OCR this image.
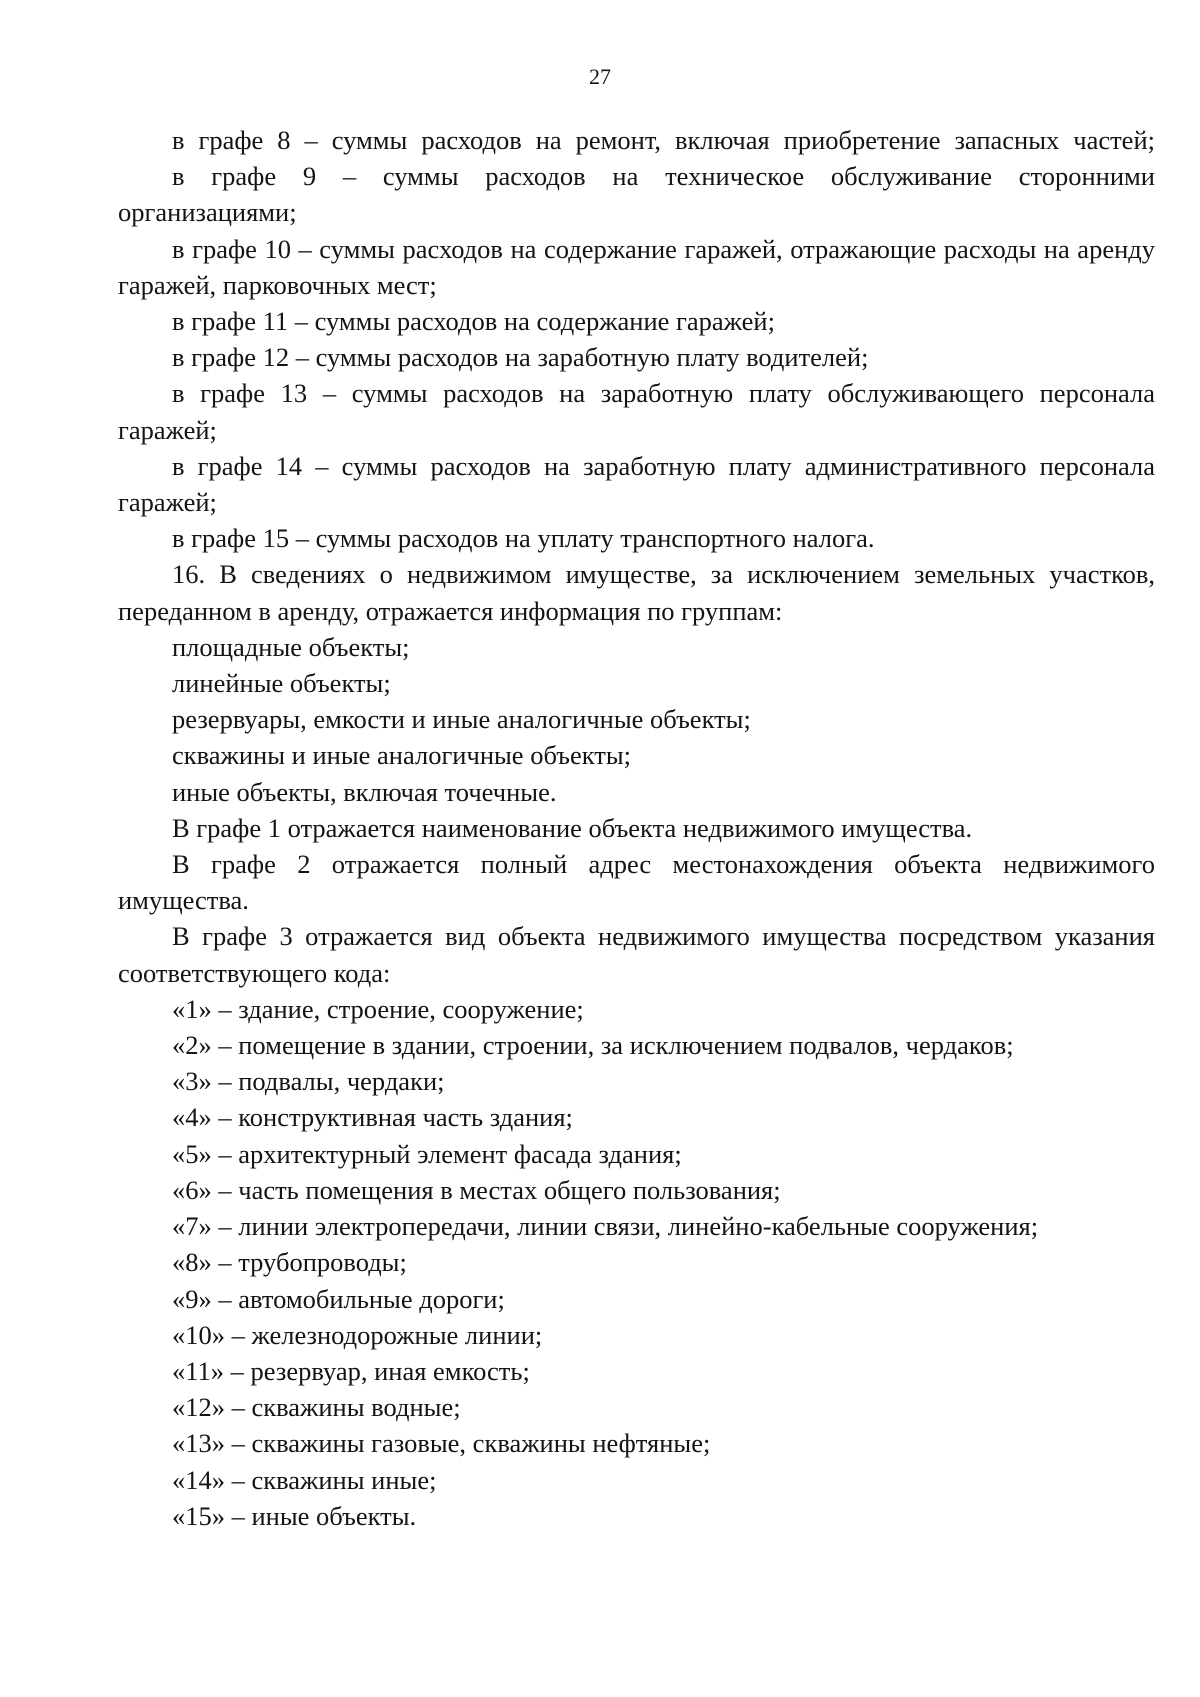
27

в графе 8 – суммы расходов на ремонт, включая приобретение запасных частей;

в графе 9 – суммы расходов на техническое обслуживание сторонними организациями;

в графе 10 – суммы расходов на содержание гаражей, отражающие расходы на аренду гаражей, парковочных мест;

в графе 11 – суммы расходов на содержание гаражей;

в графе 12 – суммы расходов на заработную плату водителей;

в графе 13 – суммы расходов на заработную плату обслуживающего персонала гаражей;

в графе 14 – суммы расходов на заработную плату административного персонала гаражей;

в графе 15 – суммы расходов на уплату транспортного налога.

16. В сведениях о недвижимом имуществе, за исключением земельных участков, переданном в аренду, отражается информация по группам:

площадные объекты;

линейные объекты;

резервуары, емкости и иные аналогичные объекты;

скважины и иные аналогичные объекты;

иные объекты, включая точечные.

В графе 1 отражается наименование объекта недвижимого имущества.

В графе 2 отражается полный адрес местонахождения объекта недвижимого имущества.

В графе 3 отражается вид объекта недвижимого имущества посредством указания соответствующего кода:

«1» – здание, строение, сооружение;

«2» – помещение в здании, строении, за исключением подвалов, чердаков;

«3» – подвалы, чердаки;

«4» – конструктивная часть здания;

«5» – архитектурный элемент фасада здания;

«6» – часть помещения в местах общего пользования;

«7» – линии электропередачи, линии связи, линейно-кабельные сооружения;

«8» – трубопроводы;

«9» – автомобильные дороги;

«10» – железнодорожные линии;

«11» – резервуар, иная емкость;

«12» – скважины водные;

«13» – скважины газовые, скважины нефтяные;

«14» – скважины иные;

«15» – иные объекты.
